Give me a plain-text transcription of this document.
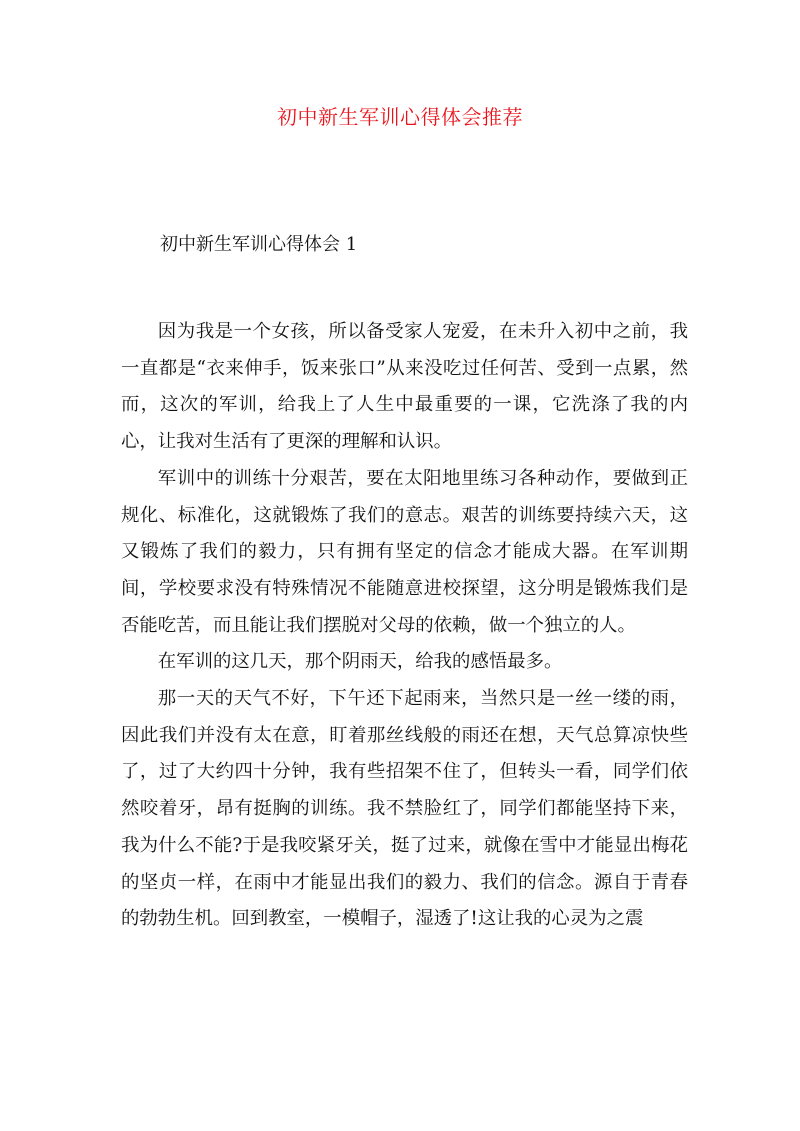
初中新生军训心得体会推荐
初中新生军训心得体会 1

因为我是一个女孩，所以备受家人宠爱，在未升入初中之前，我一直都是“衣来伸手，饭来张口”从来没吃过任何苦、受到一点累，然而，这次的军训，给我上了人生中最重要的一课，它洗涤了我的内心，让我对生活有了更深的理解和认识。

军训中的训练十分艰苦，要在太阳地里练习各种动作，要做到正规化、标准化，这就锻炼了我们的意志。艰苦的训练要持续六天，这又锻炼了我们的毅力，只有拥有坚定的信念才能成大器。在军训期间，学校要求没有特殊情况不能随意进校探望，这分明是锻炼我们是否能吃苦，而且能让我们摆脱对父母的依赖，做一个独立的人。

在军训的这几天，那个阴雨天，给我的感悟最多。

那一天的天气不好，下午还下起雨来，当然只是一丝一缕的雨，因此我们并没有太在意，盯着那丝线般的雨还在想，天气总算凉快些了，过了大约四十分钟，我有些招架不住了，但转头一看，同学们依然咬着牙，昂有挺胸的训练。我不禁脸红了，同学们都能坚持下来，我为什么不能?于是我咬紧牙关，挺了过来，就像在雪中才能显出梅花的坚贞一样，在雨中才能显出我们的毅力、我们的信念。源自于青春的勃勃生机。回到教室，一模帽子，湿透了!这让我的心灵为之震
